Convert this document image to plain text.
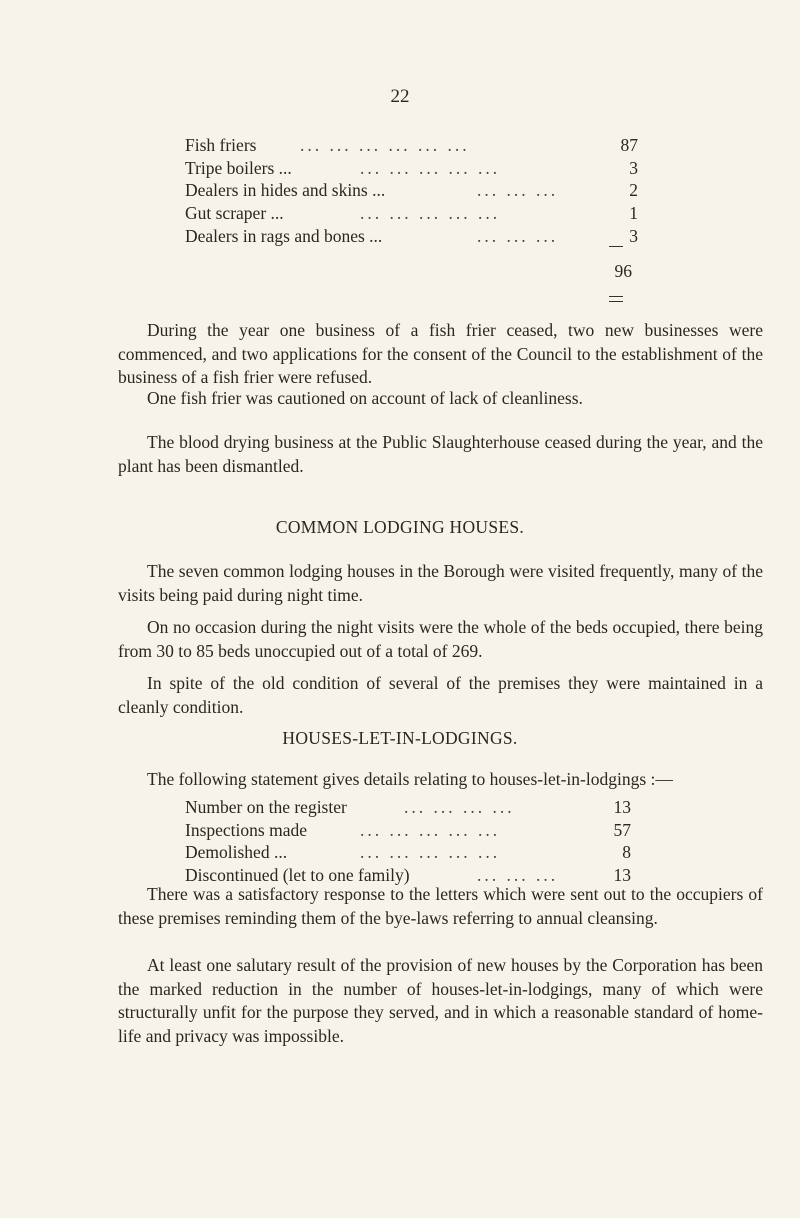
22
Fish friers ... ... ... ... ... ...	87
Tripe boilers ...	... ... ... ... ...	3
Dealers in hides and skins ...	... ... ...	2
Gut scraper ...	... ... ... ... ...	1
Dealers in rags and bones ...	... ... ...	3
96

During the year one business of a fish frier ceased, two new businesses were commenced, and two applications for the consent of the Council to the establishment of the business of a fish frier were refused.

One fish frier was cautioned on account of lack of cleanliness.

The blood drying business at the Public Slaughterhouse ceased during the year, and the plant has been dismantled.

COMMON LODGING HOUSES.

The seven common lodging houses in the Borough were visited frequently, many of the visits being paid during night time.

On no occasion during the night visits were the whole of the beds occupied, there being from 30 to 85 beds unoccupied out of a total of 269.

In spite of the old condition of several of the premises they were maintained in a cleanly condition.

HOUSES-LET-IN-LODGINGS.

The following statement gives details relating to houses-let-in-lodgings :—

Number on the register	... ... ... ...	13
Inspections made	... ... ... ... ...	57
Demolished ...	... ... ... ... ...	8
Discontinued (let to one family)	... ... ...	13

There was a satisfactory response to the letters which were sent out to the occupiers of these premises reminding them of the bye-laws referring to annual cleansing.

At least one salutary result of the provision of new houses by the Corporation has been the marked reduction in the number of houses-let-in-lodgings, many of which were structurally unfit for the purpose they served, and in which a reasonable standard of home-life and privacy was impossible.
